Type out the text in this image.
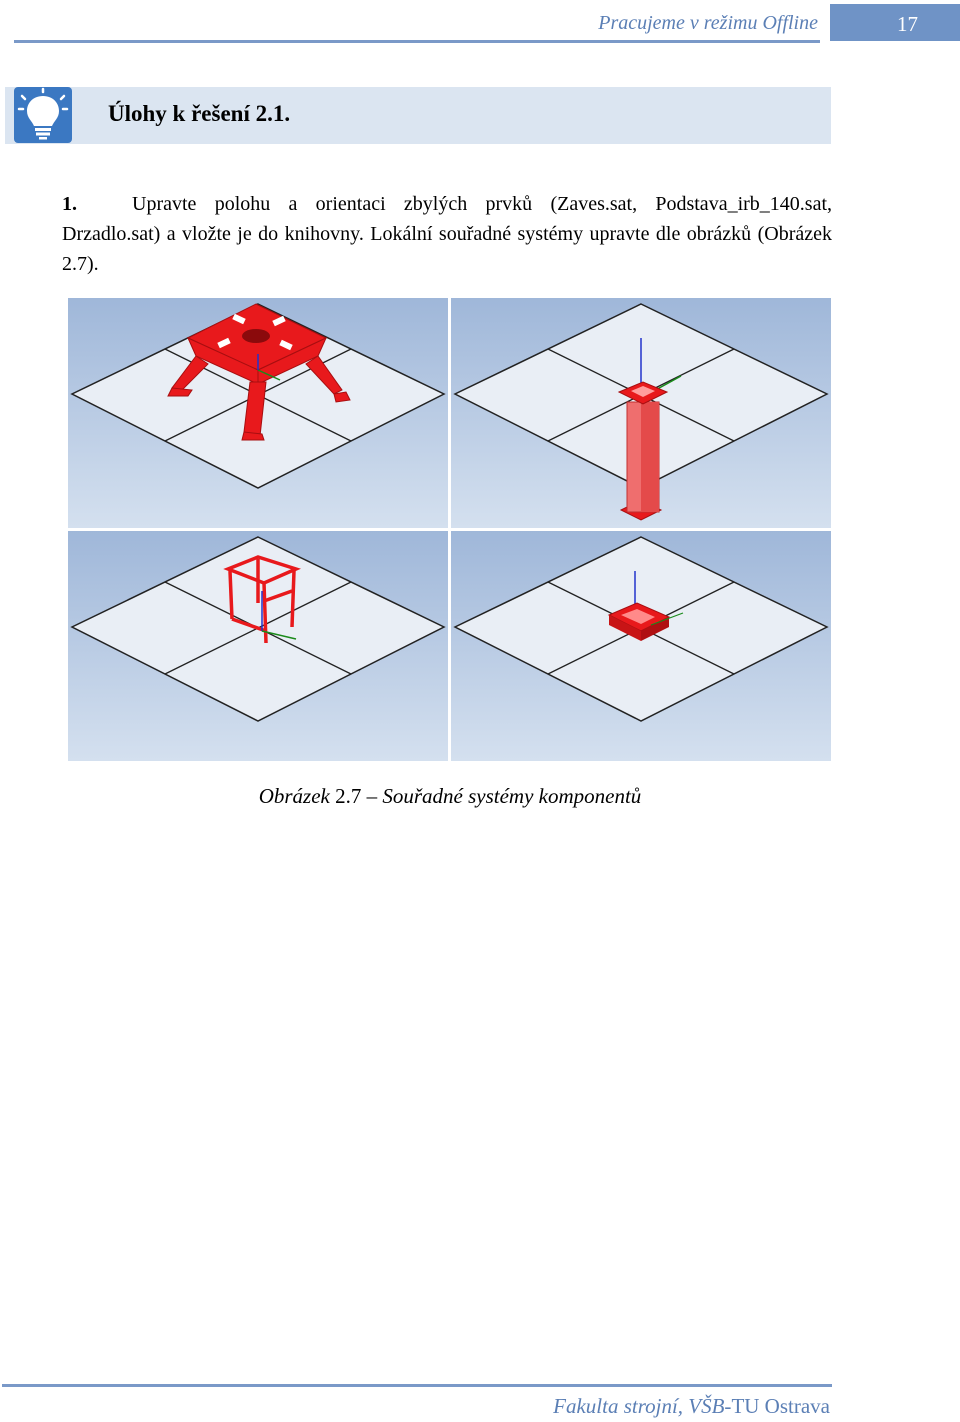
Pracujeme v režimu Offline	17
Úlohy k řešení 2.1.
1.	Upravte polohu a orientaci zbylých prvků (Zaves.sat, Podstava_irb_140.sat, Drzadlo.sat) a vložte je do knihovny. Lokální souřadné systémy upravte dle obrázků (Obrázek 2.7).
Obrázek 2.7 – Souřadné systémy komponentů
Fakulta strojní, VŠB-TU Ostrava
